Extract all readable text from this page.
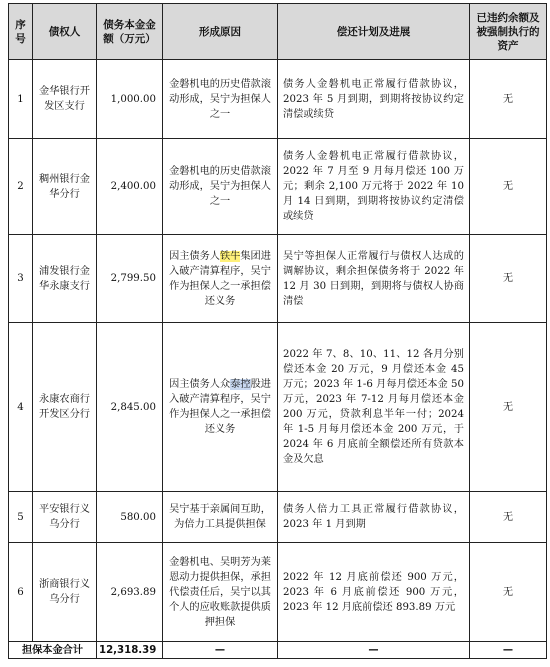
序号	债权人	债务本金金额（万元）	形成原因	偿还计划及进展	已违约余额及被强制执行的资产
1	金华银行开发区支行	1,000.00	金磐机电的历史借款滚动形成，吴宁为担保人之一	债务人金磐机电正常履行借款协议，2023 年 5 月到期，到期将按协议约定清偿或续贷	无
2	稠州银行金华分行	2,400.00	金磐机电的历史借款滚动形成，吴宁为担保人之一	债务人金磐机电正常履行借款协议，2022 年 7 月至 9 月每月偿还 100 万元；剩余 2,100 万元将于 2022 年 10 月 14 日到期，到期将按协议约定清偿或续贷	无
3	浦发银行金华永康支行	2,799.50	因主债务人铁牛集团进入破产清算程序，吴宁作为担保人之一承担偿还义务	吴宁等担保人正常履行与债权人达成的调解协议，剩余担保债务将于 2022 年 12 月 30 日到期，到期将与债权人协商清偿	无
4	永康农商行开发区分行	2,845.00	因主债务人众泰控股进入破产清算程序，吴宁作为担保人之一承担偿还义务	2022 年 7、8、10、11、12 各月分别偿还本金 20 万元，9 月偿还本金 45 万元；2023 年 1-6 月每月偿还本金 50 万元，2023 年 7-12 月每月偿还本金 200 万元，贷款利息半年一付；2024 年 1-5 月每月偿还本金 200 万元，于 2024 年 6 月底前全额偿还所有贷款本金及欠息	无
5	平安银行义乌分行	580.00	吴宁基于亲属间互助，为倍力工具提供担保	债务人倍力工具正常履行借款协议，2023 年 1 月到期	无
6	浙商银行义乌分行	2,693.89	金磐机电、吴明芳为莱恩动力提供担保，承担代偿责任后，吴宁以其个人的应收账款提供质押担保	2022 年 12 月底前偿还 900 万元，2023 年 6 月底前偿还 900 万元，2023 年 12 月底前偿还 893.89 万元	无
担保本金合计		12,318.39	—	—	—
